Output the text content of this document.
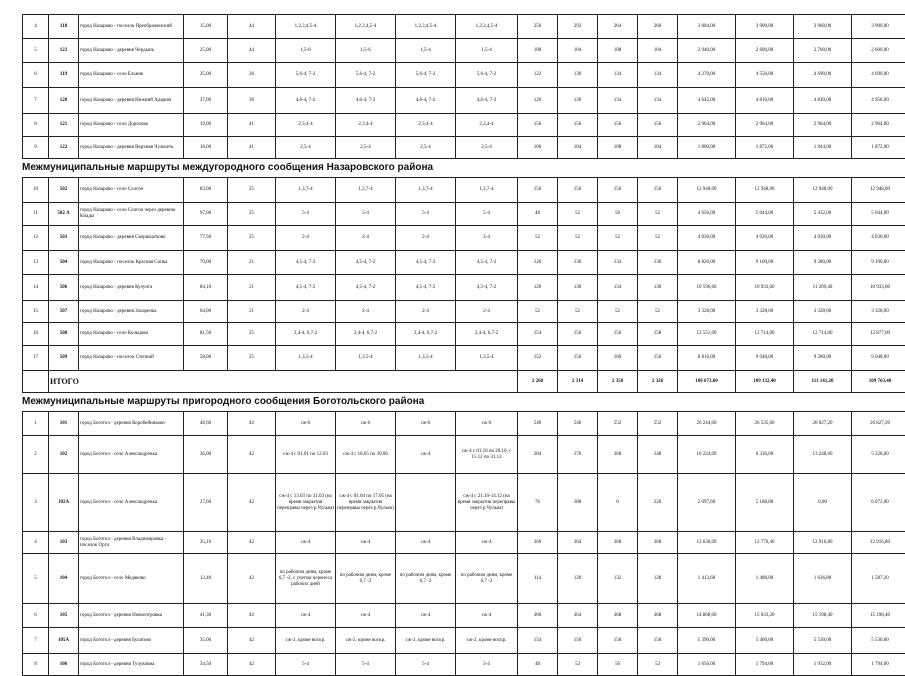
4	118	город Назарово - поселок Преображенский	15,00	44	1,2,3,4,5-4	1,2,3,4,5-4	1,2,3,4,5-4	1,2,3,4,5-4	256	293	264	260	3 804,00	3 900,00	3 960,00	3 900,00
5	123	город Назарово - деревня Чердынь	25,00	44	1,5-6	1,5-6	1,5-4	1,5-4	100	104	108	104	2 940,00	2 600,00	2 700,00	2 600,00
6	119	город Назарово - село Ельник	35,00	36	5,6-4, 7-2	5,6-4, 7-2	5,6-4, 7-2	5,6-4, 7-2	122	130	134	134	4 270,00	4 550,00	4 690,00	4 690,00
7	120	город Назарово - деревня Нижний Адаџим	37,00	36	4,6-4, 7-2	4,6-4, 7-2	4,6-4, 7-2	4,6-4, 7-2	126	130	134	134	4 642,00	4 810,00	4 810,00	4 958,00
8	121	город Назарово - село Дорохово	19,00	41	2,3,4-4	2,3,4-4	2,3,4-4	2,3,4-4	156	156	156	156	2 964,00	2 964,00	2 964,00	2 964,00
9	122	город Назарово - деревня Верхняя Чульчеть	18,00	41	2,5-4	2,5-4	2,5-4	2,5-4	100	104	108	104	1 800,00	1 872,00	1 944,00	1 872,00
Межмуниципальные маршруты междугородного сообщения Назаровского района
10	502	город Назарово - село Солгон	83,00	25	1,3,7-4	1,3,7-4	1,3,7-4	1,3,7-4	156	156	156	156	12 948,00	12 948,00	12 948,00	12 948,00
11	502 А	город Назарово - село Солгон через деревню Кнады	97,00	25	5-4	5-4	5-4	5-4	48	52	56	52	4 656,00	5 044,00	5 432,00	5 044,00
12	503	город Назарово - деревня Скорюкатково	77,50	25	2-4	2-4	2-4	2-4	52	52	52	52	4 030,00	4 030,00	4 030,00	4 030,00
13	504	город Назарово - поселок Красная Сопка	70,00	21	4,5-4, 7-2	4,5-4, 7-2	4,5-4, 7-2	4,5-4, 7-2	126	130	134	130	8 820,00	9 100,00	9 380,00	9 100,00
14	506	город Назарово - деревня Кулунга	84,10	21	4,5-4, 7-2	4,5-4, 7-2	4,5-4, 7-2	4,5-4, 7-2	126	130	134	130	10 596,60	10 933,00	11 269,40	10 933,00
15	507	город Назарово - деревня Захаренка	64,00	21	2-4	2-4	2-4	2-4	52	52	52	52	3 328,00	3 328,00	3 328,00	3 328,00
16	508	город Назарово - село Кольцово	81,50	25	2,4-4, 6,7-2	2,4-4, 6,7-2	2,4-4, 6,7-2	2,4-4, 6,7-2	154	156	156	158	12 551,00	12 714,00	12 714,00	12 877,00
17	509	город Назарово - поселок Степной	58,00	25	1,3,5-4	1,3,5-4	1,3,5-4	1,3,5-4	152	156	160	156	8 816,00	9 048,00	9 280,00	9 048,00
	ИТОГО								2 260	2 314	2 358	2 326	106 673,60	109 132,40	111 141,20	109 763,40
Межмуниципальные маршруты пригородного сообщения Боготольского района
1	101	город Боготол - деревня Коробейниково	48,60	42	сж-6	сж-6	сж-6	сж-6	540	546	552	552	26 244,00	26 535,60	26 827,20	26 827,20
2	102	город Боготол - село Александровка	36,00	42	сж-4 с 01.01 по 12.03	сж-4 с 18.05 по 30.06	сж-4	сж-4 с 01.10 по 20.10, с 15.12 по 31.12	284	176	368	148	10 224,00	6 336,00	13 248,00	5 328,00
3	102А	город Боготол - село Александровка	27,60	42	сж-4 с 13.03 по 31.03 (на время закрытия переправы через р.Чулым)	сж-4 с 01.04 по 17.05 (на время закрытия переправы через р.Чулым)		сж-4 с 21.10-14.12 (на время закрытия переправы через р.Чулым)	76	188	0	220	2 097,60	5 188,80	0,00	6 072,00
4	103	город Боготол - деревня Владимировка - поселок Орга	35,10	42	сж-4	сж-4	сж-4	сж-4	360	364	368	368	12 636,00	12 776,40	12 916,80	12 916,80
5	104	город Боготол - село Медяково	12,40	42	по рабочим дням, кроме 6,7 -2, с учетом переноса рабочих дней	по рабочим дням, кроме 6,7 -2	по рабочим дням, кроме 6,7 -2	по рабочим дням, кроме 6,7 -2	114	120	132	128	1 413,60	1 488,00	1 636,80	1 587,20
6	105	город Боготол - деревня Новоелтровка	41,30	42	сж-4	сж-4	сж-4	сж-4	360	364	368	368	14 868,00	15 033,20	15 198,40	15 198,40
7	105А	город Боготол - деревня Булатово	35,00	42	сж-2, кроме воскр.	сж-2, кроме воскр.	сж-2, кроме воскр.	сж-2, кроме воскр.	154	156	158	158	5 390,00	5 460,00	5 530,00	5 530,00
8	106	город Боготол - деревня Тучуковна	34,50	42	5-4	5-4	5-4	5-4	48	52	56	52	1 656,00	1 794,00	1 932,00	1 794,00
